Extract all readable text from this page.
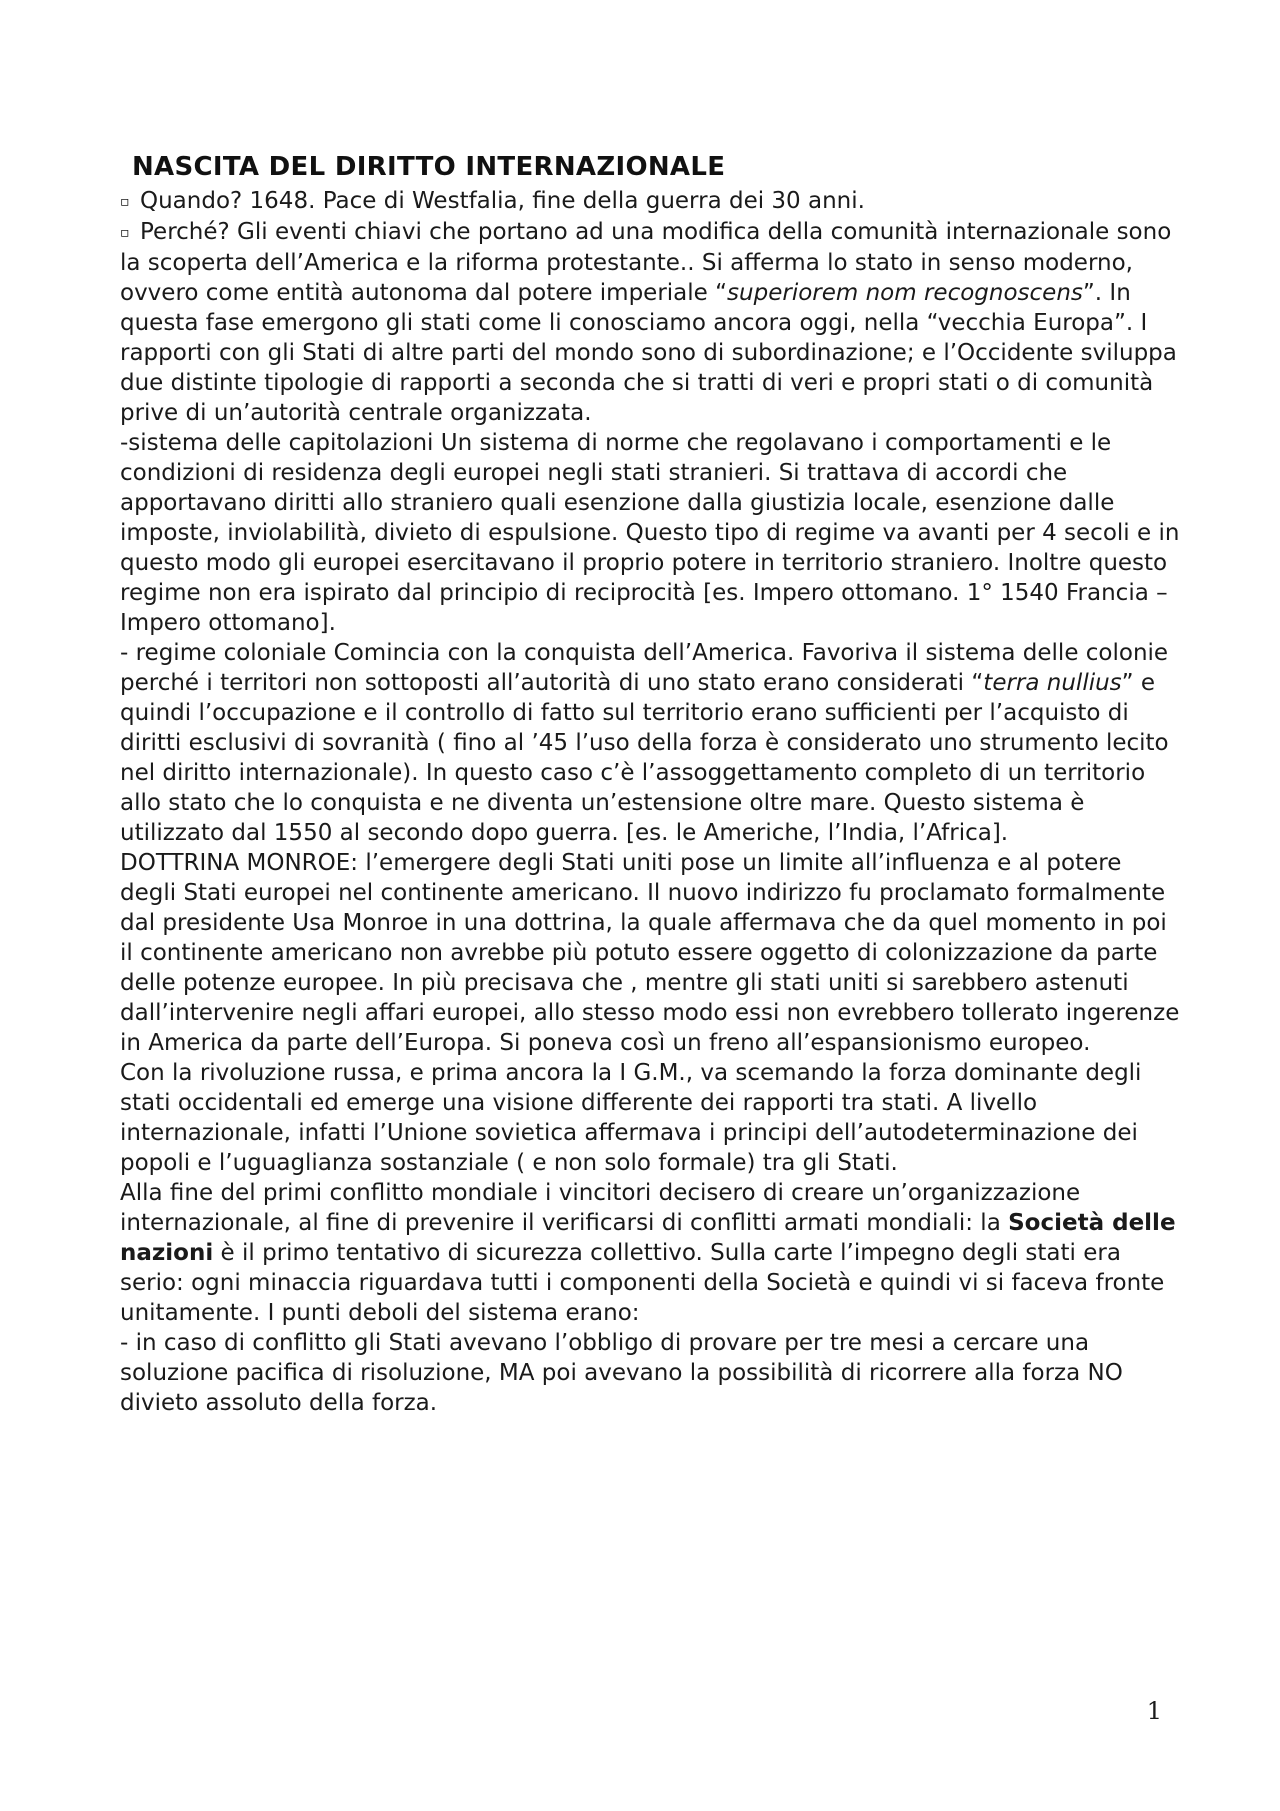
NASCITA DEL DIRITTO INTERNAZIONALE

▫ Quando? 1648. Pace di Westfalia, fine della guerra dei 30 anni.

▫ Perché? Gli eventi chiavi che portano ad una modifica della comunità internazionale sono la scoperta dell’America e la riforma protestante.. Si afferma lo stato in senso moderno, ovvero come entità autonoma dal potere imperiale “superiorem nom recognoscens”. In questa fase emergono gli stati come li conosciamo ancora oggi, nella “vecchia Europa”. I rapporti con gli Stati di altre parti del mondo sono di subordinazione; e l’Occidente sviluppa due distinte tipologie di rapporti a seconda che si tratti di veri e propri stati o di comunità prive di un’autorità centrale organizzata.

-sistema delle capitolazioni Un sistema di norme che regolavano i comportamenti e le condizioni di residenza degli europei negli stati stranieri. Si trattava di accordi che apportavano diritti allo straniero quali esenzione dalla giustizia locale, esenzione dalle imposte, inviolabilità, divieto di espulsione. Questo tipo di regime va avanti per 4 secoli e in questo modo gli europei esercitavano il proprio potere in territorio straniero. Inoltre questo regime non era ispirato dal principio di reciprocità [es. Impero ottomano. 1° 1540 Francia – Impero ottomano].

- regime coloniale Comincia con la conquista dell’America. Favoriva il sistema delle colonie perché i territori non sottoposti all’autorità di uno stato erano considerati “terra nullius” e quindi l’occupazione e il controllo di fatto sul territorio erano sufficienti per l’acquisto di diritti esclusivi di sovranità ( fino al ’45 l’uso della forza è considerato uno strumento lecito nel diritto internazionale). In questo caso c’è l’assoggettamento completo di un territorio allo stato che lo conquista e ne diventa un’estensione oltre mare. Questo sistema è utilizzato dal 1550 al secondo dopo guerra. [es. le Americhe, l’India, l’Africa].

DOTTRINA MONROE: l’emergere degli Stati uniti pose un limite all’influenza e al potere degli Stati europei nel continente americano. Il nuovo indirizzo fu proclamato formalmente dal presidente Usa Monroe in una dottrina, la quale affermava che da quel momento in poi il continente americano non avrebbe più potuto essere oggetto di colonizzazione da parte delle potenze europee. In più precisava che , mentre gli stati uniti si sarebbero astenuti dall’intervenire negli affari europei, allo stesso modo essi non evrebbero tollerato ingerenze in America da parte dell’Europa. Si poneva così un freno all’espansionismo europeo.

Con la rivoluzione russa, e prima ancora la I G.M., va scemando la forza dominante degli stati occidentali ed emerge una visione differente dei rapporti tra stati. A livello internazionale, infatti l’Unione sovietica affermava i principi dell’autodeterminazione dei popoli e l’uguaglianza sostanziale ( e non solo formale) tra gli Stati.

Alla fine del primi conflitto mondiale i vincitori decisero di creare un’organizzazione internazionale, al fine di prevenire il verificarsi di conflitti armati mondiali: la Società delle nazioni è il primo tentativo di sicurezza collettivo. Sulla carte l’impegno degli stati era serio: ogni minaccia riguardava tutti i componenti della Società e quindi vi si faceva fronte unitamente. I punti deboli del sistema erano:

- in caso di conflitto gli Stati avevano l’obbligo di provare per tre mesi a cercare una soluzione pacifica di risoluzione, MA poi avevano la possibilità di ricorrere alla forza NO divieto assoluto della forza.

1
